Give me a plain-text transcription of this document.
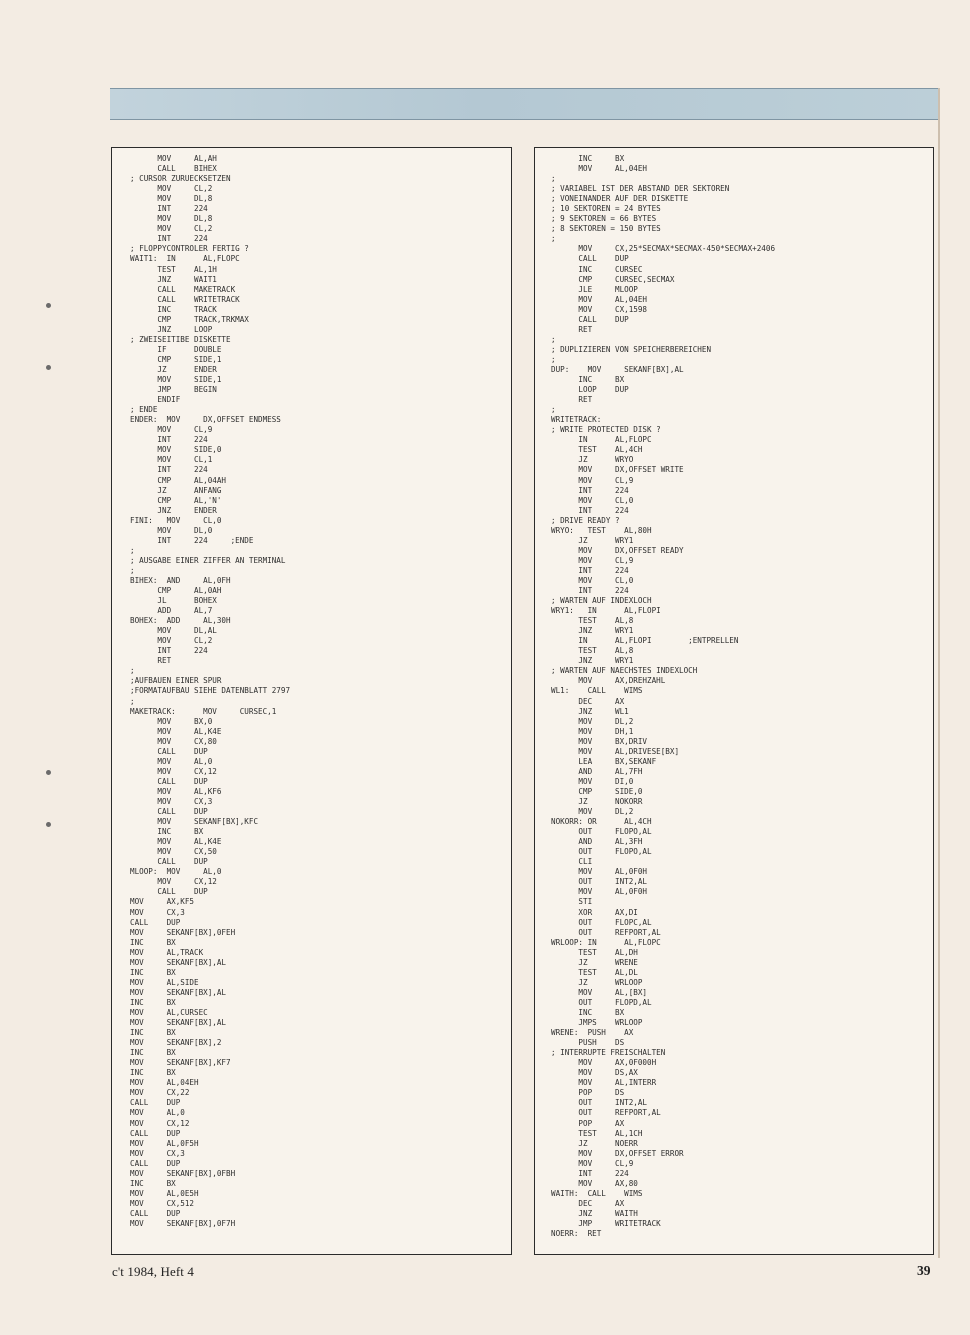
MOV     AL,AH
CALL    BIHEX
; CURSOR ZURUECKSETZEN
MOV     CL,2
MOV     DL,8
INT     224
MOV     DL,8
MOV     CL,2
INT     224
; FLOPPYCONTROLER FERTIG ?
WAIT1:  IN      AL,FLOPC
TEST    AL,1H
JNZ     WAIT1
CALL    MAKETRACK
CALL    WRITETRACK
INC     TRACK
CMP     TRACK,TRKMAX
JNZ     LOOP
; ZWEISEITIBE DISKETTE
IF      DOUBLE
CMP     SIDE,1
JZ      ENDER
MOV     SIDE,1
JMP     BEGIN
ENDIF
; ENDE
ENDER:  MOV     DX,OFFSET ENDMESS
MOV     CL,9
INT     224
MOV     SIDE,0
MOV     CL,1
INT     224
CMP     AL,04AH
JZ      ANFANG
CMP     AL,'N'
JNZ     ENDER
FINI:   MOV     CL,0
MOV     DL,0
INT     224     ;ENDE
;
; AUSGABE EINER ZIFFER AN TERMINAL
;
BIHEX:  AND     AL,0FH
CMP     AL,0AH
JL      BOHEX
ADD     AL,7
BOHEX:  ADD     AL,30H
MOV     DL,AL
MOV     CL,2
INT     224
RET
;
;AUFBAUEN EINER SPUR
;FORMATAUFBAU SIEHE DATENBLATT 2797
;
MAKETRACK:      MOV     CURSEC,1
MOV     BX,0
MOV     AL,K4E
MOV     CX,80
CALL    DUP
MOV     AL,0
MOV     CX,12
CALL    DUP
MOV     AL,KF6
MOV     CX,3
CALL    DUP
MOV     SEKANF[BX],KFC
INC     BX
MOV     AL,K4E
MOV     CX,50
CALL    DUP
MLOOP:  MOV     AL,0
MOV     CX,12
CALL    DUP
MOV     AX,KF5
MOV     CX,3
CALL    DUP
MOV     SEKANF[BX],0FEH
INC     BX
MOV     AL,TRACK
MOV     SEKANF[BX],AL
INC     BX
MOV     AL,SIDE
MOV     SEKANF[BX],AL
INC     BX
MOV     AL,CURSEC
MOV     SEKANF[BX],AL
INC     BX
MOV     SEKANF[BX],2
INC     BX
MOV     SEKANF[BX],KF7
INC     BX
MOV     AL,04EH
MOV     CX,22
CALL    DUP
MOV     AL,0
MOV     CX,12
CALL    DUP
MOV     AL,0F5H
MOV     CX,3
CALL    DUP
MOV     SEKANF[BX],0FBH
INC     BX
MOV     AL,0E5H
MOV     CX,512
CALL    DUP
MOV     SEKANF[BX],0F7H
INC     BX
MOV     AL,04EH
;
; VARIABEL IST DER ABSTAND DER SEKTOREN
; VONEINANDER AUF DER DISKETTE
; 10 SEKTOREN = 24 BYTES
; 9 SEKTOREN = 66 BYTES
; 8 SEKTOREN = 150 BYTES
;
MOV     CX,25*SECMAX*SECMAX-450*SECMAX+2406
CALL    DUP
INC     CURSEC
CMP     CURSEC,SECMAX
JLE     MLOOP
MOV     AL,04EH
MOV     CX,1598
CALL    DUP
RET
;
; DUPLIZIEREN VON SPEICHERBEREICHEN
;
DUP:    MOV     SEKANF[BX],AL
INC     BX
LOOP    DUP
RET
;
WRITETRACK:
; WRITE PROTECTED DISK ?
IN      AL,FLOPC
TEST    AL,4CH
JZ      WRYO
MOV     DX,OFFSET WRITE
MOV     CL,9
INT     224
MOV     CL,0
INT     224
; DRIVE READY ?
WRYO:   TEST    AL,80H
JZ      WRY1
MOV     DX,OFFSET READY
MOV     CL,9
INT     224
MOV     CL,0
INT     224
; WARTEN AUF INDEXLOCH
WRY1:   IN      AL,FLOPI
TEST    AL,8
JNZ     WRY1
IN      AL,FLOPI        ;ENTPRELLEN
TEST    AL,8
JNZ     WRY1
; WARTEN AUF NAECHSTES INDEXLOCH
MOV     AX,DREHZAHL
WL1:    CALL    WIMS
DEC     AX
JNZ     WL1
MOV     DL,2
MOV     DH,1
MOV     BX,DRIV
MOV     AL,DRIVESE[BX]
LEA     BX,SEKANF
AND     AL,7FH
MOV     DI,0
CMP     SIDE,0
JZ      NOKORR
MOV     DL,2
NOKORR: OR      AL,4CH
OUT     FLOPO,AL
AND     AL,3FH
OUT     FLOPO,AL
CLI
MOV     AL,0F0H
OUT     INT2,AL
MOV     AL,0F0H
STI
XOR     AX,DI
OUT     FLOPC,AL
OUT     REFPORT,AL
WRLOOP: IN      AL,FLOPC
TEST    AL,DH
JZ      WRENE
TEST    AL,DL
JZ      WRLOOP
MOV     AL,[BX]
OUT     FLOPD,AL
INC     BX
JMPS    WRLOOP
WRENE:  PUSH    AX
PUSH    DS
; INTERRUPTE FREISCHALTEN
MOV     AX,0F000H
MOV     DS,AX
MOV     AL,INTERR
POP     DS
OUT     INT2,AL
OUT     REFPORT,AL
POP     AX
TEST    AL,1CH
JZ      NOERR
MOV     DX,OFFSET ERROR
MOV     CL,9
INT     224
MOV     AX,80
WAITH:  CALL    WIMS
DEC     AX
JNZ     WAITH
JMP     WRITETRACK
NOERR:  RET
c't 1984, Heft 4	39
